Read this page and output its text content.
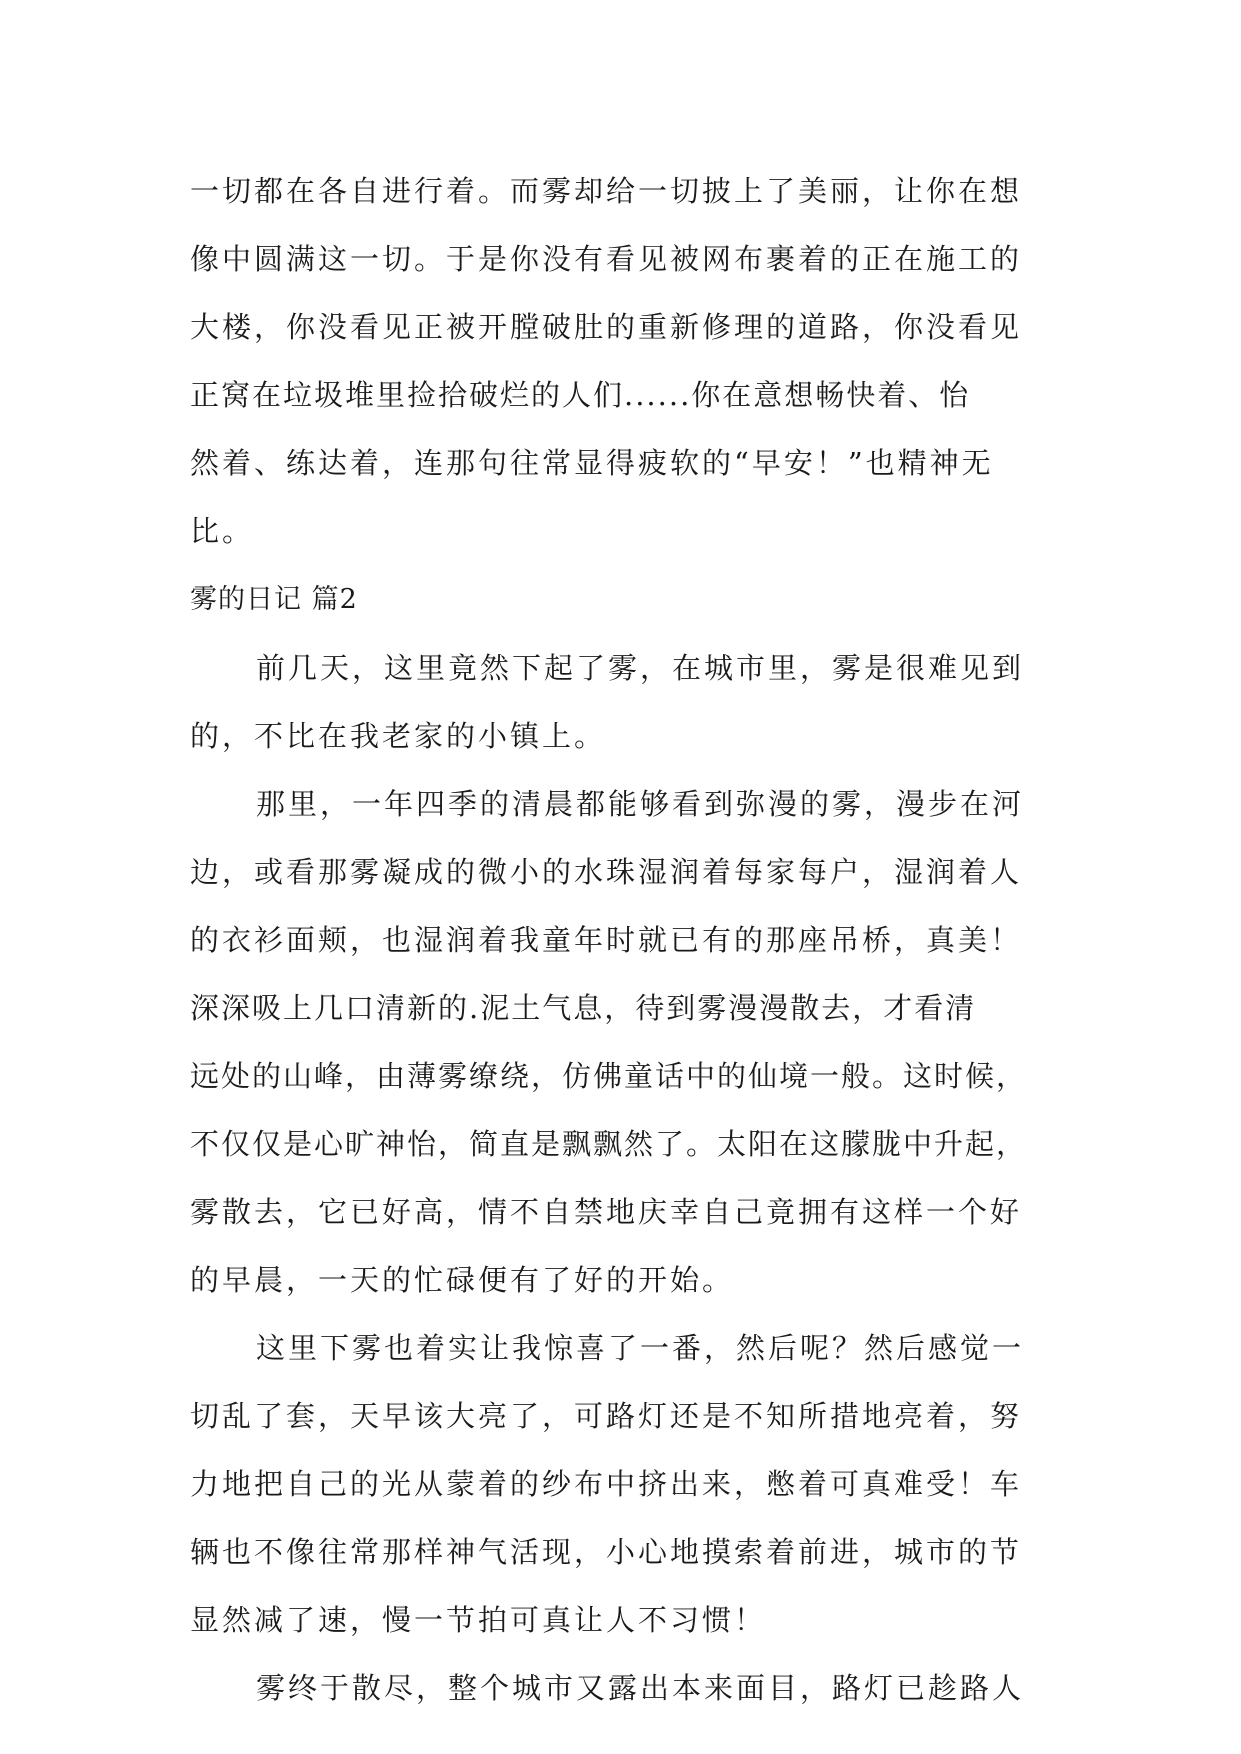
一切都在各自进行着。而雾却给一切披上了美丽，让你在想
像中圆满这一切。于是你没有看见被网布裹着的正在施工的
大楼，你没看见正被开膛破肚的重新修理的道路，你没看见
正窝在垃圾堆里捡拾破烂的人们......你在意想畅快着、怡
然着、练达着，连那句往常显得疲软的“早安！”也精神无
比。
雾的日记 篇2
前几天，这里竟然下起了雾，在城市里，雾是很难见到
的，不比在我老家的小镇上。
那里，一年四季的清晨都能够看到弥漫的雾，漫步在河
边，或看那雾凝成的微小的水珠湿润着每家每户，湿润着人
的衣衫面颊，也湿润着我童年时就已有的那座吊桥，真美！
深深吸上几口清新的.泥土气息，待到雾漫漫散去，才看清
远处的山峰，由薄雾缭绕，仿佛童话中的仙境一般。这时候，
不仅仅是心旷神怡，简直是飘飘然了。太阳在这朦胧中升起，
雾散去，它已好高，情不自禁地庆幸自己竟拥有这样一个好
的早晨，一天的忙碌便有了好的开始。
这里下雾也着实让我惊喜了一番，然后呢？然后感觉一
切乱了套，天早该大亮了，可路灯还是不知所措地亮着，努
力地把自己的光从蒙着的纱布中挤出来，憋着可真难受！车
辆也不像往常那样神气活现，小心地摸索着前进，城市的节
显然减了速，慢一节拍可真让人不习惯！
雾终于散尽，整个城市又露出本来面目，路灯已趁路人
